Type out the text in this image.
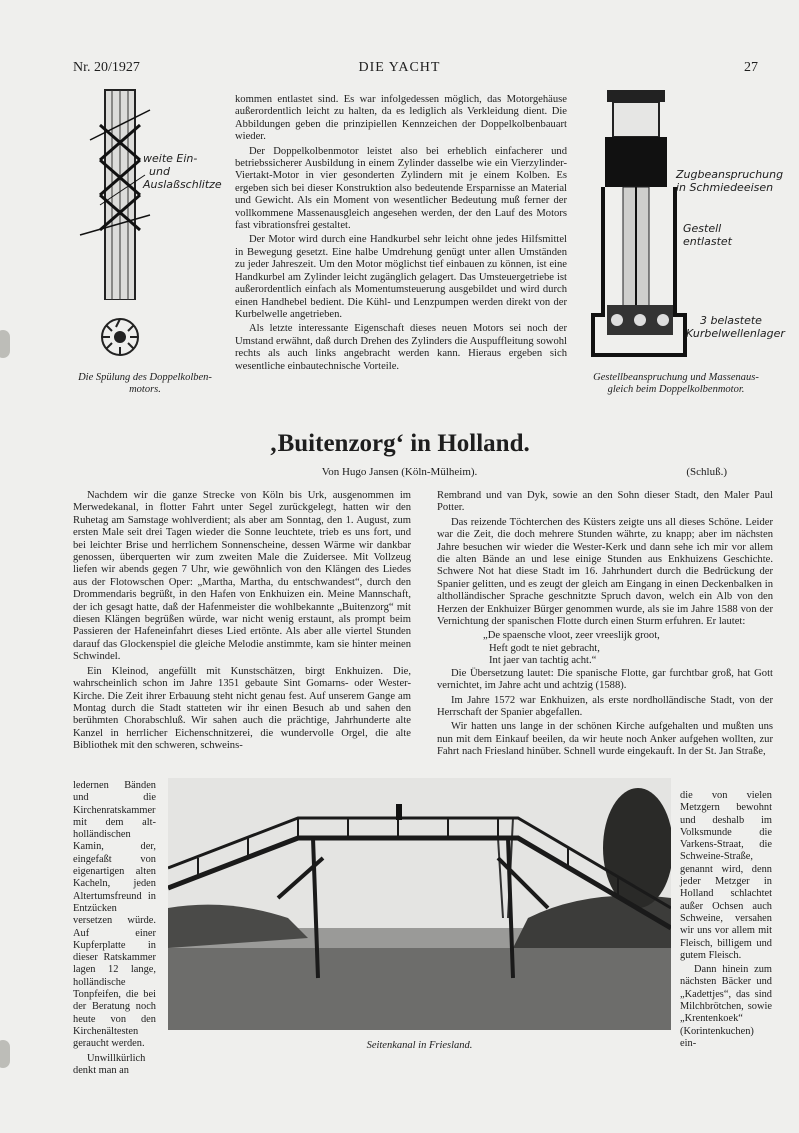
Nr. 20/1927	DIE YACHT	27
weite Ein-
und
Auslaßschlitze
Die Spülung des Doppelkolben-
motors.

kommen entlastet sind. Es war infolgedessen möglich, das Motorgehäuse außerordentlich leicht zu halten, da es lediglich als Verkleidung dient. Die Abbildungen geben die prinzipiellen Kennzeichen der Doppelkolbenbauart wieder.

Der Doppelkolbenmotor leistet also bei erheblich einfacherer und betriebssicherer Ausbildung in einem Zylinder dasselbe wie ein Vierzylinder-Viertakt-Motor in vier gesonderten Zylindern mit je einem Kolben. Es ergeben sich bei dieser Konstruktion also bedeutende Ersparnisse an Material und Gewicht. Als ein Moment von wesentlicher Bedeutung muß ferner der vollkommene Massenausgleich angesehen werden, der den Lauf des Motors fast vibrationsfrei gestaltet.

Der Motor wird durch eine Handkurbel sehr leicht ohne jedes Hilfsmittel in Bewegung gesetzt. Eine halbe Umdrehung genügt unter allen Umständen zu jeder Jahreszeit. Um den Motor möglichst tief einbauen zu können, ist eine Handkurbel am Zylinder leicht zugänglich gelagert. Das Umsteuergetriebe ist außerordentlich einfach als Momentumsteuerung ausgebildet und wird durch einen Handhebel bedient. Die Kühl- und Lenzpumpen werden direkt von der Kurbelwelle angetrieben.

Als letzte interessante Eigenschaft dieses neuen Motors sei noch der Umstand erwähnt, daß durch Drehen des Zylinders die Auspuffleitung sowohl rechts als auch links angebracht werden kann. Hieraus ergeben sich wesentliche einbautechnische Vorteile.

Zugbeanspruchung
in Schmiedeeisen
Gestell
entlastet
3 belastete
Kurbelwellenlager
Gestellbeanspruchung und Massenaus-
gleich beim Doppelkolbenmotor.
‚Buitenzorg‘ in Holland.
Von Hugo Jansen (Köln-Mülheim).	(Schluß.)

Nachdem wir die ganze Strecke von Köln bis Urk, ausgenommen im Merwedekanal, in flotter Fahrt unter Segel zurückgelegt, hatten wir den Ruhetag am Samstage wohlverdient; als aber am Sonntag, den 1. August, zum ersten Male seit drei Tagen wieder die Sonne leuchtete, trieb es uns fort, und bei leichter Brise und herrlichem Sonnenscheine, dessen Wärme wir dankbar genossen, überquerten wir zum zweiten Male die Zuidersee. Mit Vollzeug liefen wir abends gegen 7 Uhr, wie gewöhnlich von den Klängen des Liedes aus der Flotowschen Oper: „Martha, Martha, du entschwandest“, durch den Drommendaris begrüßt, in den Hafen von Enkhuizen ein. Meine Mannschaft, der ich gesagt hatte, daß der Hafenmeister die wohlbekannte „Buitenzorg“ mit diesen Klängen begrüßen würde, war nicht wenig erstaunt, als prompt beim Passieren der Hafeneinfahrt dieses Lied ertönte. Als aber alle viertel Stunden darauf das Glockenspiel die gleiche Melodie anstimmte, kam sie hinter meinen Schwindel.

Ein Kleinod, angefüllt mit Kunstschätzen, birgt Enkhuizen. Die, wahrscheinlich schon im Jahre 1351 gebaute Sint Gomarns- oder Wester-Kirche. Die Zeit ihrer Erbauung steht nicht genau fest. Auf unserem Gange am Montag durch die Stadt statteten wir ihr einen Besuch ab und sahen den berühmten Chorabschluß. Wir sahen auch die prächtige, Jahrhunderte alte Kanzel in herrlicher Eichenschnitzerei, die wundervolle Orgel, die alte Bibliothek mit den schweren, schweins-

ledernen Bänden und die Kirchenratskammer mit dem alt-holländischen Kamin, der, eingefaßt von eigenartigen alten Kacheln, jeden Altertumsfreund in Entzücken versetzen würde. Auf einer Kupferplatte in dieser Ratskammer lagen 12 lange, holländische Tonpfeifen, die bei der Beratung noch heute von den Kirchenältesten geraucht werden.

Unwillkürlich denkt man an

Rembrand und van Dyk, sowie an den Sohn dieser Stadt, den Maler Paul Potter.

Das reizende Töchterchen des Küsters zeigte uns all dieses Schöne. Leider war die Zeit, die doch mehrere Stunden währte, zu knapp; aber im nächsten Jahre besuchen wir wieder die Wester-Kerk und dann sehe ich mir vor allem die alten Bände an und lese einige Stunden aus Enkhuizens Geschichte. Schwere Not hat diese Stadt im 16. Jahrhundert durch die Bedrückung der Spanier gelitten, und es zeugt der gleich am Eingang in einen Deckenbalken in altholländischer Sprache geschnitzte Spruch davon, welch ein Alb von den Herzen der Enkhuizer Bürger genommen wurde, als sie im Jahre 1588 von der Vernichtung der spanischen Flotte durch einen Sturm erfuhren. Er lautet:

„De spaensche vloot, zeer vreeslijk groot,
Heft godt te niet gebracht,
Int jaer van tachtig acht.“

Die Übersetzung lautet: Die spanische Flotte, gar furchtbar groß, hat Gott vernichtet, im Jahre acht und achtzig (1588).

Im Jahre 1572 war Enkhuizen, als erste nordholländische Stadt, von der Herrschaft der Spanier abgefallen.

Wir hatten uns lange in der schönen Kirche aufgehalten und mußten uns nun mit dem Einkauf beeilen, da wir heute noch Anker aufgehen wollten, zur Fahrt nach Friesland hinüber. Schnell wurde eingekauft. In der St. Jan Straße,

die von vielen Metzgern bewohnt und deshalb im Volksmunde die Varkens-Straat, die Schweine-Straße, genannt wird, denn jeder Metzger in Holland schlachtet außer Ochsen auch Schweine, versahen wir uns vor allem mit Fleisch, billigem und gutem Fleisch.

Dann hinein zum nächsten Bäcker und „Kadettjes“, das sind Milchbrötchen, sowie „Krentenkoek“ (Korintenkuchen) ein-

Seitenkanal in Friesland.
